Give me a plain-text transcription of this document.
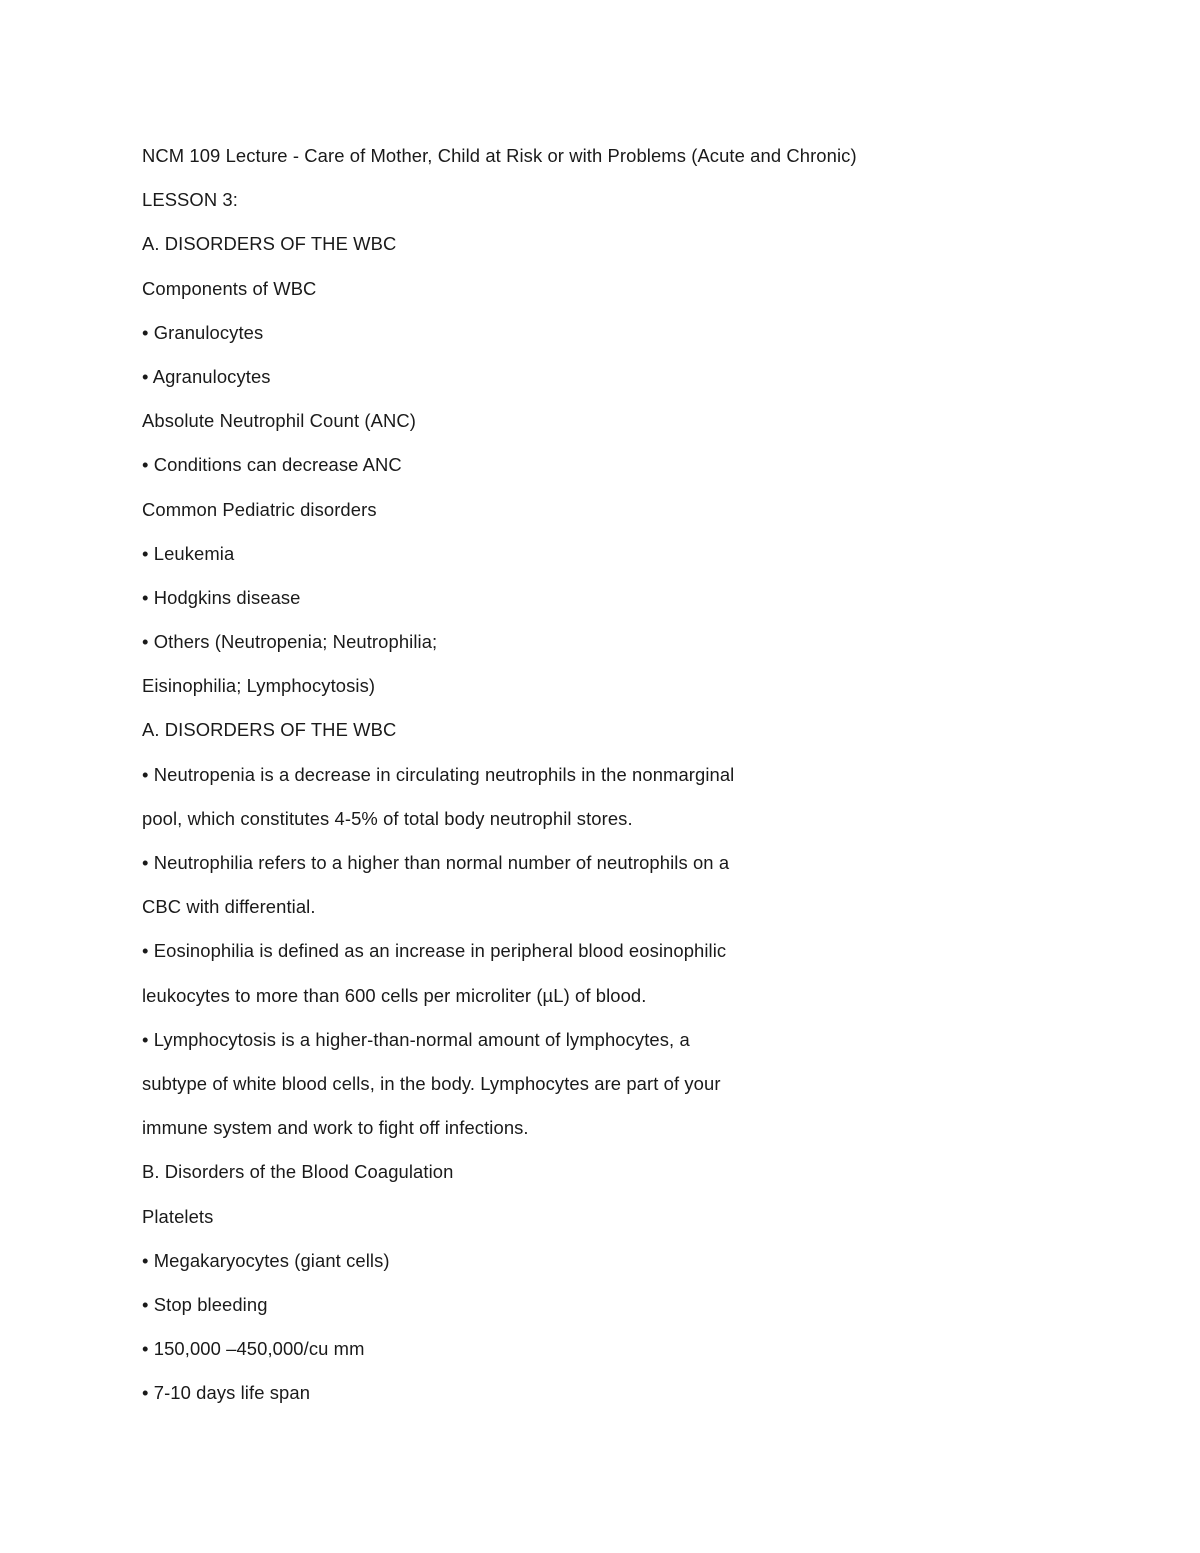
NCM 109 Lecture - Care of Mother, Child at Risk or with Problems (Acute and Chronic)
LESSON 3:
A. DISORDERS OF THE WBC
Components of WBC
• Granulocytes
• Agranulocytes
Absolute Neutrophil Count (ANC)
• Conditions can decrease ANC
Common Pediatric disorders
• Leukemia
• Hodgkins disease
• Others (Neutropenia; Neutrophilia;
Eisinophilia; Lymphocytosis)
A. DISORDERS OF THE WBC
• Neutropenia is a decrease in circulating neutrophils in the nonmarginal
pool, which constitutes 4-5% of total body neutrophil stores.
• Neutrophilia refers to a higher than normal number of neutrophils on a
CBC with differential.
• Eosinophilia is defined as an increase in peripheral blood eosinophilic
leukocytes to more than 600 cells per microliter (µL) of blood.
• Lymphocytosis is a higher-than-normal amount of lymphocytes, a
subtype of white blood cells, in the body. Lymphocytes are part of your
immune system and work to fight off infections.
B. Disorders of the Blood Coagulation
Platelets
• Megakaryocytes (giant cells)
• Stop bleeding
• 150,000 –450,000/cu mm
• 7-10 days life span
